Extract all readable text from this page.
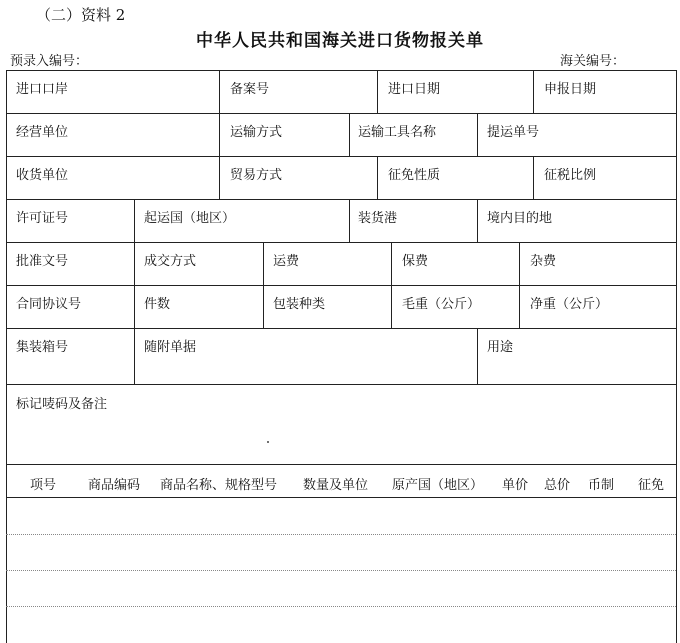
（二）资料 2
中华人民共和国海关进口货物报关单
预录入编号：	海关编号：
进口口岸	备案号	进口日期	申报日期
经营单位	运输方式	运输工具名称	提运单号
收货单位	贸易方式	征免性质	征税比例
许可证号	起运国（地区）	装货港	境内目的地
批准文号	成交方式	运费	保费	杂费
合同协议号	件数	包装种类	毛重（公斤）	净重（公斤）
集装箱号	随附单据	用途
标记唛码及备注
项号 商品编码 商品名称、规格型号 数量及单位 原产国（地区） 单价 总价 币制 征免
